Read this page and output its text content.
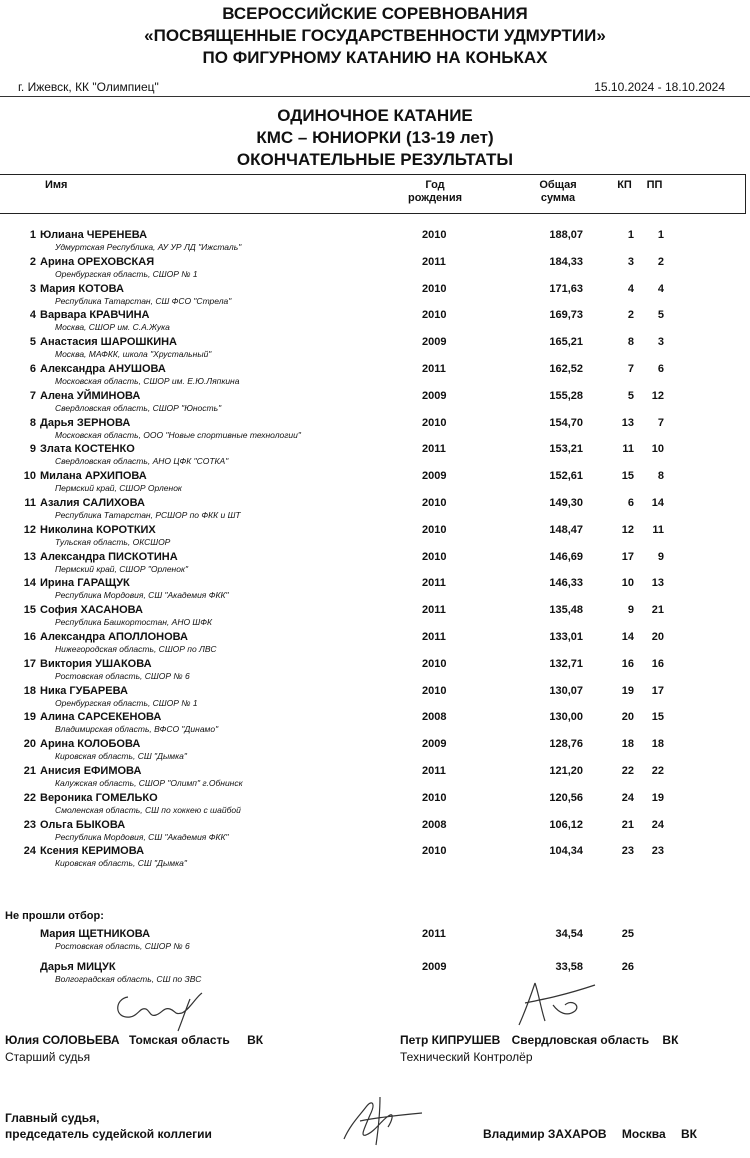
ВСЕРОССИЙСКИЕ СОРЕВНОВАНИЯ
«ПОСВЯЩЕННЫЕ ГОСУДАРСТВЕННОСТИ УДМУРТИИ»
ПО ФИГУРНОМУ КАТАНИЮ НА КОНЬКАХ
г. Ижевск, КК "Олимпиец"	15.10.2024 - 18.10.2024
ОДИНОЧНОЕ КАТАНИЕ
КМС – ЮНИОРКИ (13-19 лет)
ОКОНЧАТЕЛЬНЫЕ РЕЗУЛЬТАТЫ
Имя	Год
рождения
Общая
сумма
КП	ПП
1 Юлиана ЧЕРЕНЕВА
Удмуртская Республика, АУ УР ЛД "Ижсталь"
2010	188,07	1	1
2 Арина ОРЕХОВСКАЯ
Оренбургская область, СШОР № 1
2011	184,33	3	2
3 Мария КОТОВА
Республика Татарстан, СШ ФСО "Стрела"
2010	171,63	4	4
4 Варвара КРАВЧИНА
Москва, СШОР им. С.А.Жука
2010	169,73	2	5
5 Анастасия ШАРОШКИНА
Москва, МАФКК, школа "Хрустальный"
2009	165,21	8	3
6 Александра АНУШОВА
Московская область, СШОР им. Е.Ю.Ляпкина
2011	162,52	7	6
7 Алена УЙМИНОВА
Свердловская область, СШОР "Юность"
2009	155,28	5	12
8 Дарья ЗЕРНОВА
Московская область, ООО "Новые спортивные технологии"
2010	154,70	13	7
9 Злата КОСТЕНКО
Свердловская область, АНО ЦФК "СОТКА"
2011	153,21	11	10
10 Милана АРХИПОВА
Пермский край, СШОР Орленок
2009	152,61	15	8
11 Азалия САЛИХОВА
Республика Татарстан, РСШОР по ФКК и ШТ
2010	149,30	6	14
12 Николина КОРОТКИХ
Тульская область, ОКСШОР
2010	148,47	12	11
13 Александра ПИСКОТИНА
Пермский край, СШОР "Орленок"
2010	146,69	17	9
14 Ирина ГАРАЩУК
Республика Мордовия, СШ "Академия ФКК"
2011	146,33	10	13
15 София ХАСАНОВА
Республика Башкортостан, АНО ШФК
2011	135,48	9	21
16 Александра АПОЛЛОНОВА
Нижегородская область, СШОР по ЛВС
2011	133,01	14	20
17 Виктория УШАКОВА
Ростовская область, СШОР № 6
2010	132,71	16	16
18 Ника ГУБАРЕВА
Оренбургская область, СШОР № 1
2010	130,07	19	17
19 Алина САРСЕКЕНОВА
Владимирская область, ВФСО "Динамо"
2008	130,00	20	15
20 Арина КОЛОБОВА
Кировская область, СШ "Дымка"
2009	128,76	18	18
21 Анисия ЕФИМОВА
Калужская область, СШОР "Олимп" г.Обнинск
2011	121,20	22	22
22 Вероника ГОМЕЛЬКО
Смоленская область, СШ по хоккею с шайбой
2010	120,56	24	19
23 Ольга БЫКОВА
Республика Мордовия, СШ "Академия ФКК"
2008	106,12	21	24
24 Ксения КЕРИМОВА
Кировская область, СШ "Дымка"
2010	104,34	23	23
Не прошли отбор:
Мария ЩЕТНИКОВА
Ростовская область, СШОР № 6
2011	34,54	25
Дарья МИЦУК
Волгоградская область, СШ по ЗВС
2009	33,58	26
Юлия СОЛОВЬЕВА Томская область ВК
Старший судья
Петр КИПРУШЕВ Свердловская область ВК
Технический Контролёр
Главный судья,
председатель судейской коллегии	Владимир ЗАХАРОВ Москва ВК
